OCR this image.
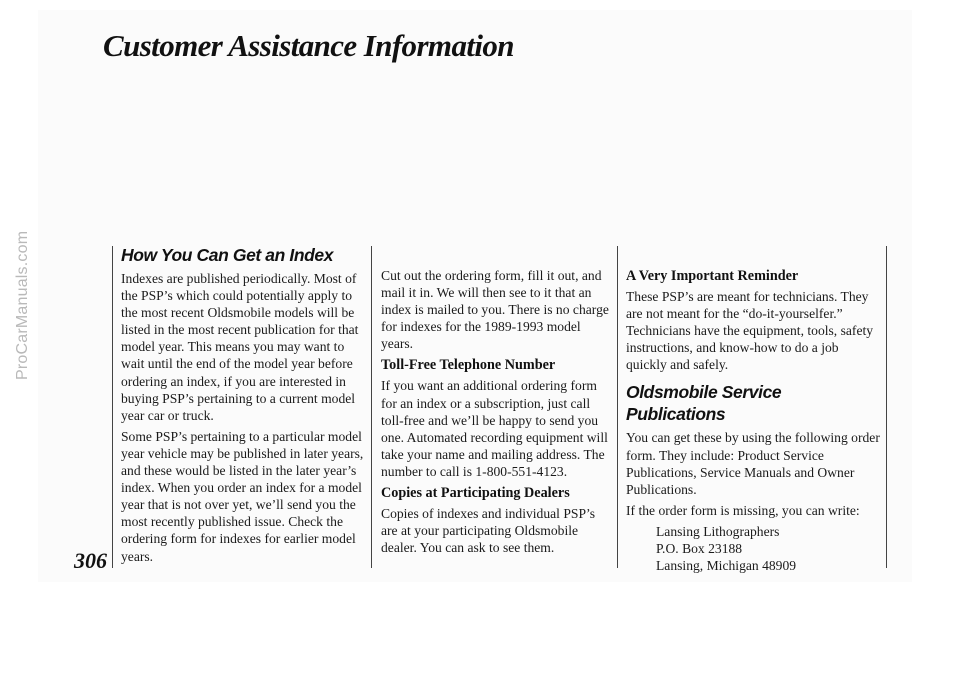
ProCarManuals.com
Customer Assistance Information
306
How You Can Get an Index

Indexes are published periodically. Most of the PSP’s which could potentially apply to the most recent Oldsmobile models will be listed in the most recent publication for that model year. This means you may want to wait until the end of the model year before ordering an index, if you are interested in buying PSP’s pertaining to a current model year car or truck.

Some PSP’s pertaining to a particular model year vehicle may be published in later years, and these would be listed in the later year’s index. When you order an index for a model year that is not over yet, we’ll send you the most recently published issue. Check the ordering form for indexes for earlier model years.

Cut out the ordering form, fill it out, and mail it in. We will then see to it that an index is mailed to you. There is no charge for indexes for the 1989-1993 model years.

Toll-Free Telephone Number

If you want an additional ordering form for an index or a subscription, just call toll-free and we’ll be happy to send you one. Automated recording equipment will take your name and mailing address. The number to call is 1-800-551-4123.

Copies at Participating Dealers

Copies of indexes and individual PSP’s are at your participating Oldsmobile dealer. You can ask to see them.

A Very Important Reminder

These PSP’s are meant for technicians. They are not meant for the “do-it-yourselfer.” Technicians have the equipment, tools, safety instructions, and know-how to do a job quickly and safely.

Oldsmobile Service Publications

You can get these by using the following order form. They include: Product Service Publications, Service Manuals and Owner Publications.

If the order form is missing, you can write:

Lansing Lithographers
P.O. Box 23188
Lansing, Michigan 48909
